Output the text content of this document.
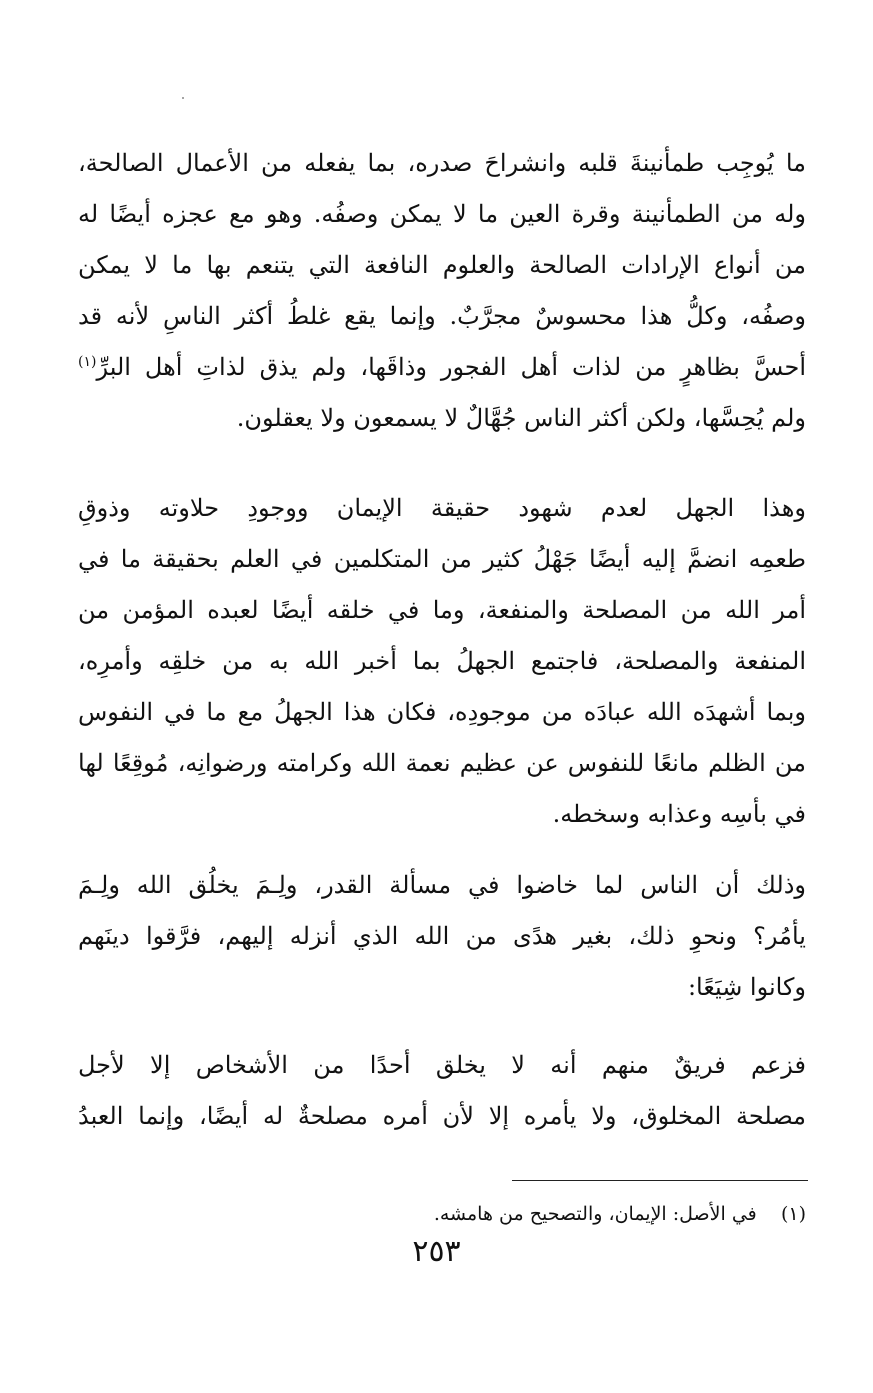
ما يُوجِب طمأنينةَ قلبه وانشراحَ صدره، بما يفعله من الأعمال الصالحة،
وله من الطمأنينة وقرة العين ما لا يمكن وصفُه. وهو مع عجزه أيضًا له
من أنواع الإرادات الصالحة والعلوم النافعة التي يتنعم بها ما لا يمكن
وصفُه، وكلُّ هذا محسوسٌ مجرَّبٌ. وإنما يقع غلطُ أكثر الناسِ لأنه قد
أحسَّ بظاهرٍ من لذات أهل الفجور وذاقَها، ولم يذق لذاتِ أهل البرِّ$^{(١)}$
ولم يُحِسَّها، ولكن أكثر الناس جُهَّالٌ لا يسمعون ولا يعقلون.
وهذا الجهل لعدم شهود حقيقة الإيمان ووجودِ حلاوته وذوقِ
طعمِه انضمَّ إليه أيضًا جَهْلُ كثير من المتكلمين في العلم بحقيقة ما في
أمر الله من المصلحة والمنفعة، وما في خلقه أيضًا لعبده المؤمن من
المنفعة والمصلحة، فاجتمع الجهلُ بما أخبر الله به من خلقِه وأمرِه،
وبما أشهدَه الله عبادَه من موجودِه، فكان هذا الجهلُ مع ما في النفوس
من الظلم مانعًا للنفوس عن عظيم نعمة الله وكرامته ورضوانِه، مُوقِعًا لها
في بأسِه وعذابه وسخطه.
وذلك أن الناس لما خاضوا في مسألة القدر، ولِـمَ يخلُق الله ولِـمَ
يأمُر؟ ونحوِ ذلك، بغير هدًى من الله الذي أنزله إليهم، فرَّقوا دينَهم
وكانوا شِيَعًا:
فزعم فريقٌ منهم أنه لا يخلق أحدًا من الأشخاص إلا لأجل
مصلحة المخلوق، ولا يأمره إلا لأن أمره مصلحةٌ له أيضًا، وإنما العبدُ
(١)    في الأصل: الإيمان، والتصحيح من هامشه.
٢٥٣
